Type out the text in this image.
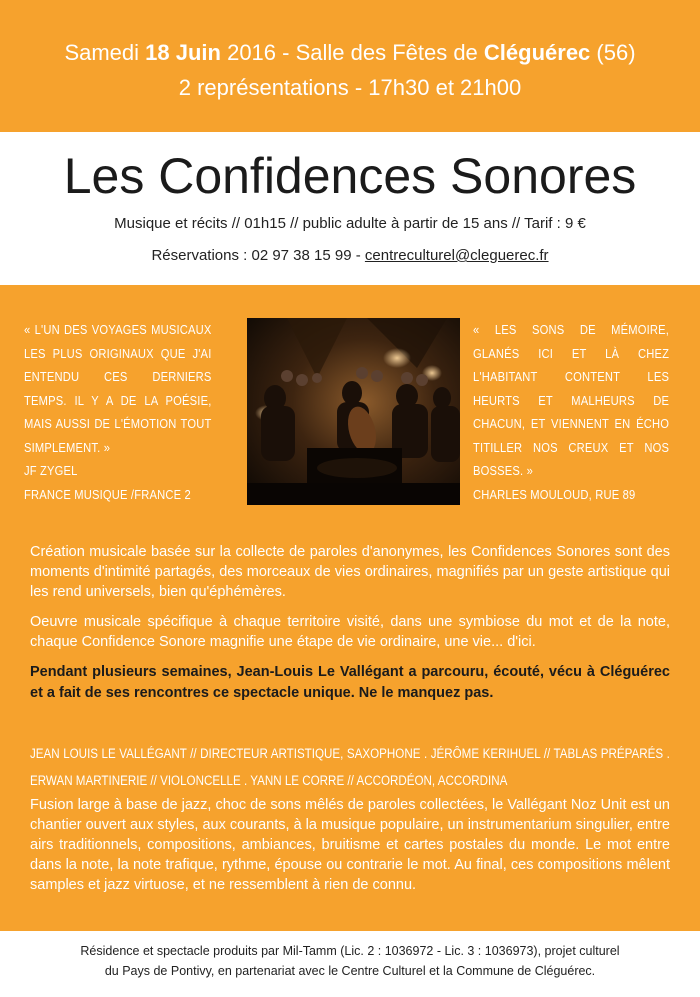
Samedi 18 Juin 2016 - Salle des Fêtes de Cléguérec (56)
2 représentations - 17h30 et 21h00
Les Confidences Sonores
Musique et récits // 01h15 // public adulte à partir de 15 ans // Tarif : 9 €
Réservations : 02 97 38 15 99 - centreculturel@cleguerec.fr

« L'UN DES VOYAGES MUSICAUX LES PLUS ORIGINAUX QUE J'AI ENTENDU CES DERNIERS TEMPS. IL Y A DE LA POÉSIE, MAIS AUSSI DE L'ÉMOTION TOUT SIMPLEMENT. »

JF ZYGEL

FRANCE MUSIQUE /FRANCE 2

« LES SONS DE MÉMOIRE, GLANÉS ICI ET LÀ CHEZ L'HABITANT CONTENT LES HEURTS ET MALHEURS DE CHACUN, ET VIENNENT EN ÉCHO TITILLER NOS CREUX ET NOS BOSSES. »

CHARLES MOULOUD, RUE 89

Création musicale basée sur la collecte de paroles d'anonymes, les Confidences Sonores sont des moments d'intimité partagés, des morceaux de vies ordinaires, magnifiés par un geste artistique qui les rend universels, bien qu'éphémères.
Oeuvre musicale spécifique à chaque territoire visité, dans une symbiose du mot et de la note, chaque Confidence Sonore magnifie une étape de vie ordinaire, une vie... d'ici.
Pendant plusieurs semaines, Jean-Louis Le Vallégant a parcouru, écouté, vécu à Cléguérec et a fait de ses rencontres ce spectacle unique. Ne le manquez pas.
JEAN LOUIS LE VALLÉGANT // DIRECTEUR ARTISTIQUE, SAXOPHONE . JÉRÔME KERIHUEL // TABLAS PRÉPARÉS . ERWAN MARTINERIE // VIOLONCELLE . YANN LE CORRE // ACCORDÉON, ACCORDINA
Fusion large à base de jazz, choc de sons mêlés de paroles collectées, le Vallégant Noz Unit est un chantier ouvert aux styles, aux courants, à la musique populaire, un instrumentarium singulier, entre airs traditionnels, compositions, ambiances, bruitisme et cartes postales du monde. Le mot entre dans la note, la note trafique, rythme, épouse ou contrarie le mot. Au final, ces compositions mêlent samples et jazz virtuose, et ne ressemblent à rien de connu.
Résidence et spectacle produits par Mil-Tamm (Lic. 2 : 1036972 - Lic. 3 : 1036973), projet culturel
du Pays de Pontivy, en partenariat avec le Centre Culturel et la Commune de Cléguérec.
